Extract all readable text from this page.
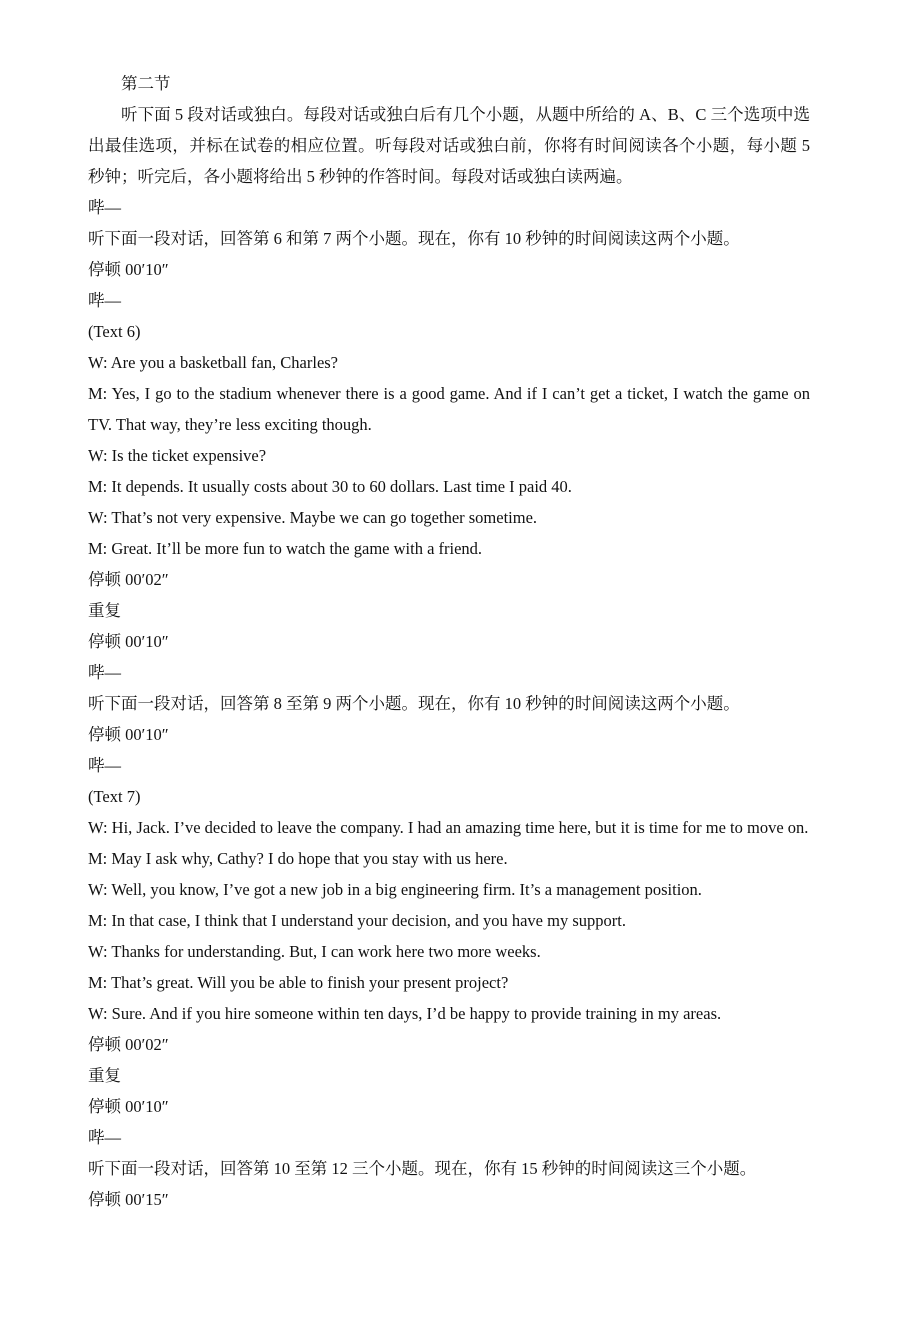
第二节
听下面 5 段对话或独白。每段对话或独白后有几个小题，从题中所给的 A、B、C 三个选项中选出最佳选项，并标在试卷的相应位置。听每段对话或独白前，你将有时间阅读各个小题，每小题 5 秒钟；听完后，各小题将给出 5 秒钟的作答时间。每段对话或独白读两遍。
哔—
听下面一段对话，回答第 6 和第 7 两个小题。现在，你有 10 秒钟的时间阅读这两个小题。
停顿 00′10″
哔—
(Text 6)
W: Are you a basketball fan, Charles?
M: Yes, I go to the stadium whenever there is a good game. And if I can’t get a ticket, I watch the game on TV. That way, they’re less exciting though.
W: Is the ticket expensive?
M: It depends. It usually costs about 30 to 60 dollars. Last time I paid 40.
W: That’s not very expensive. Maybe we can go together sometime.
M: Great. It’ll be more fun to watch the game with a friend.
停顿 00′02″
重复
停顿 00′10″
哔—
听下面一段对话，回答第 8 至第 9 两个小题。现在，你有 10 秒钟的时间阅读这两个小题。
停顿 00′10″
哔—
(Text 7)
W: Hi, Jack. I’ve decided to leave the company. I had an amazing time here, but it is time for me to move on.
M: May I ask why, Cathy? I do hope that you stay with us here.
W: Well, you know, I’ve got a new job in a big engineering firm. It’s a management position.
M: In that case, I think that I understand your decision, and you have my support.
W: Thanks for understanding. But, I can work here two more weeks.
M: That’s great. Will you be able to finish your present project?
W: Sure. And if you hire someone within ten days, I’d be happy to provide training in my areas.
停顿 00′02″
重复
停顿 00′10″
哔—
听下面一段对话，回答第 10 至第 12 三个小题。现在，你有 15 秒钟的时间阅读这三个小题。
停顿 00′15″
